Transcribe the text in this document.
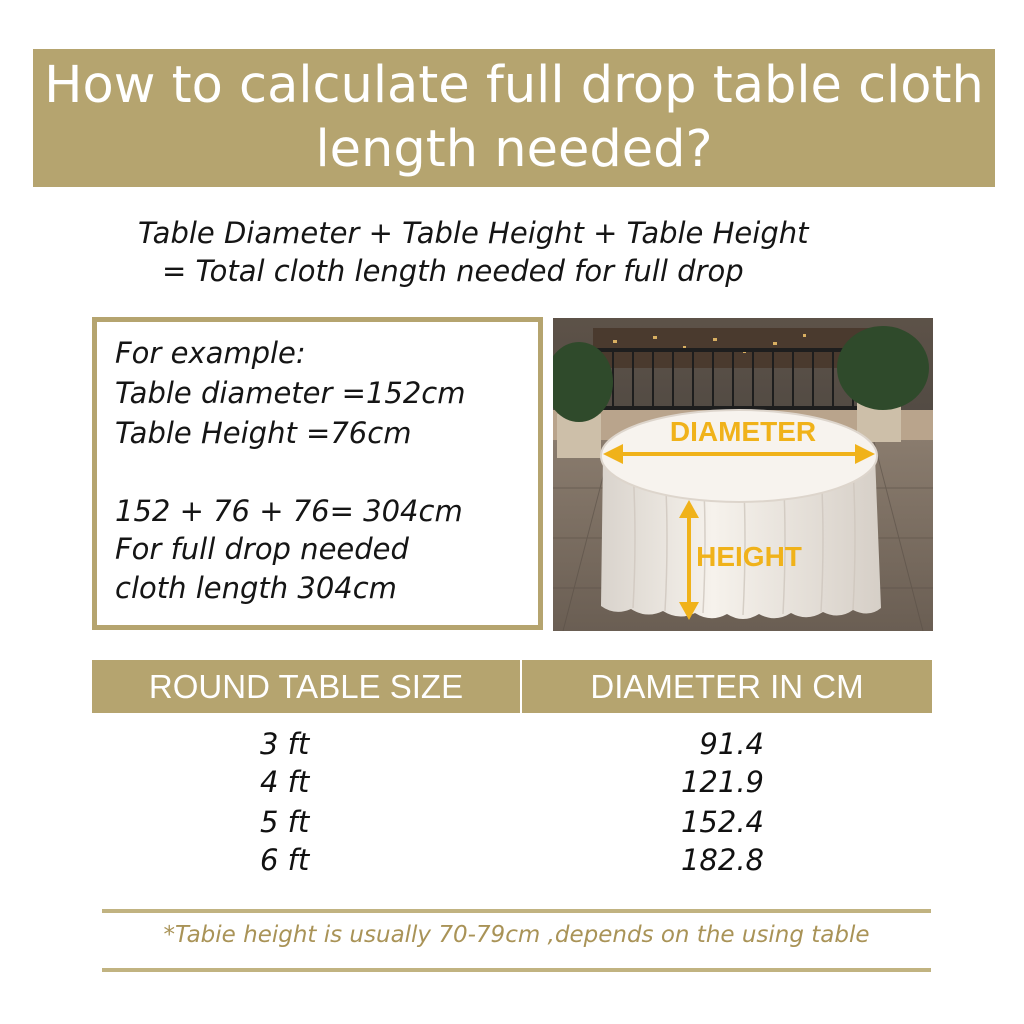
How to calculate full drop table cloth
length needed?
Table Diameter + Table Height + Table Height
= Total cloth length needed for full drop
For example:
Table diameter =152cm
Table Height =76cm
152 + 76 + 76= 304cm
For full drop needed
cloth length 304cm
DIAMETER
HEIGHT
ROUND TABLE SIZE	DIAMETER IN CM
3 ft	91.4
4 ft	121.9
5 ft	152.4
6 ft	182.8
*Tabie height is usually 70-79cm ,depends on the using table
